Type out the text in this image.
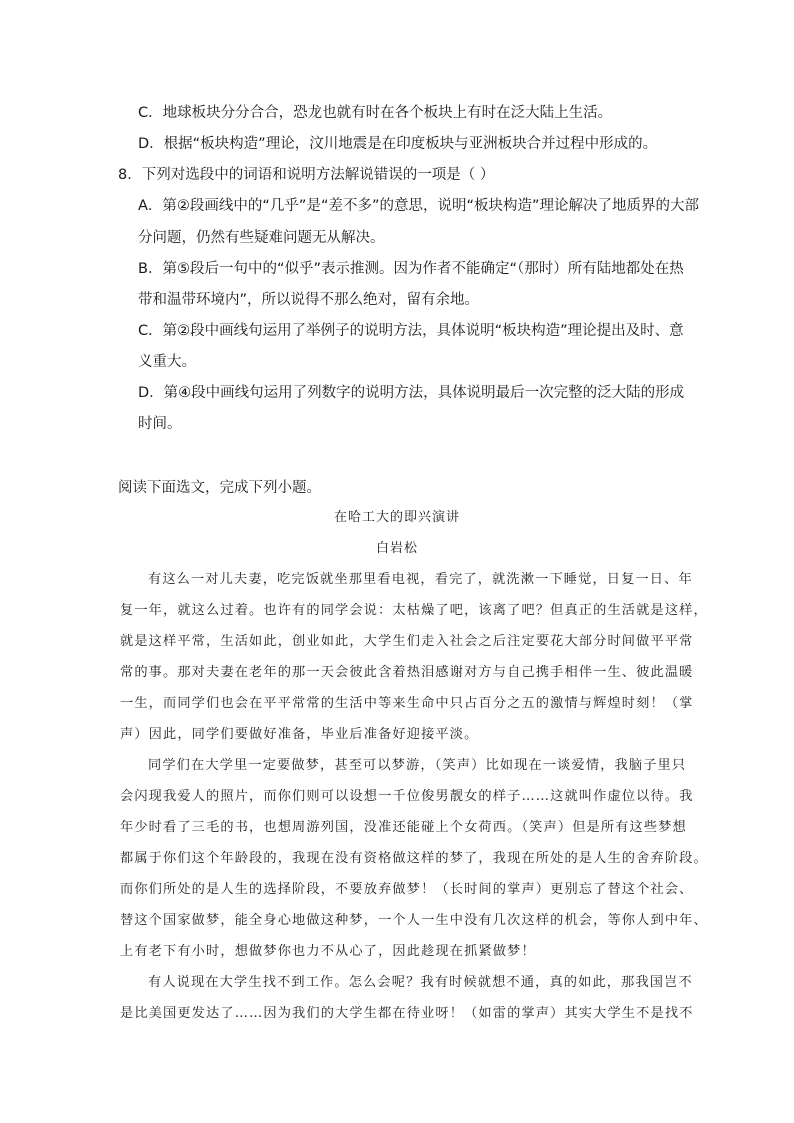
C．地球板块分分合合，恐龙也就有时在各个板块上有时在泛大陆上生活。
D．根据“板块构造”理论，汶川地震是在印度板块与亚洲板块合并过程中形成的。
8．下列对选段中的词语和说明方法解说错误的一项是（ ）
A．第②段画线中的“几乎”是“差不多”的意思，说明“板块构造”理论解决了地质界的大部
分问题，仍然有些疑难问题无从解决。
B．第⑤段后一句中的“似乎”表示推测。因为作者不能确定“（那时）所有陆地都处在热
带和温带环境内”，所以说得不那么绝对，留有余地。
C．第②段中画线句运用了举例子的说明方法，具体说明“板块构造”理论提出及时、意
义重大。
D．第④段中画线句运用了列数字的说明方法，具体说明最后一次完整的泛大陆的形成
时间。
阅读下面选文，完成下列小题。
在哈工大的即兴演讲
白岩松
有这么一对儿夫妻，吃完饭就坐那里看电视，看完了，就洗漱一下睡觉，日复一日、年
复一年，就这么过着。也许有的同学会说：太枯燥了吧，该离了吧？但真正的生活就是这样，
就是这样平常，生活如此，创业如此，大学生们走入社会之后注定要花大部分时间做平平常
常的事。那对夫妻在老年的那一天会彼此含着热泪感谢对方与自己携手相伴一生、彼此温暖
一生，而同学们也会在平平常常的生活中等来生命中只占百分之五的激情与辉煌时刻！（掌
声）因此，同学们要做好准备，毕业后准备好迎接平淡。
同学们在大学里一定要做梦，甚至可以梦游，（笑声）比如现在一谈爱情，我脑子里只
会闪现我爱人的照片，而你们则可以设想一千位俊男靓女的样子……这就叫作虚位以待。我
年少时看了三毛的书，也想周游列国，没准还能碰上个女荷西。（笑声）但是所有这些梦想
都属于你们这个年龄段的，我现在没有资格做这样的梦了，我现在所处的是人生的舍弃阶段。
而你们所处的是人生的选择阶段，不要放弃做梦！（长时间的掌声）更别忘了替这个社会、
替这个国家做梦，能全身心地做这种梦，一个人一生中没有几次这样的机会，等你人到中年、
上有老下有小时，想做梦你也力不从心了，因此趁现在抓紧做梦！
有人说现在大学生找不到工作。怎么会呢？我有时候就想不通，真的如此，那我国岂不
是比美国更发达了……因为我们的大学生都在待业呀！（如雷的掌声）其实大学生不是找不
